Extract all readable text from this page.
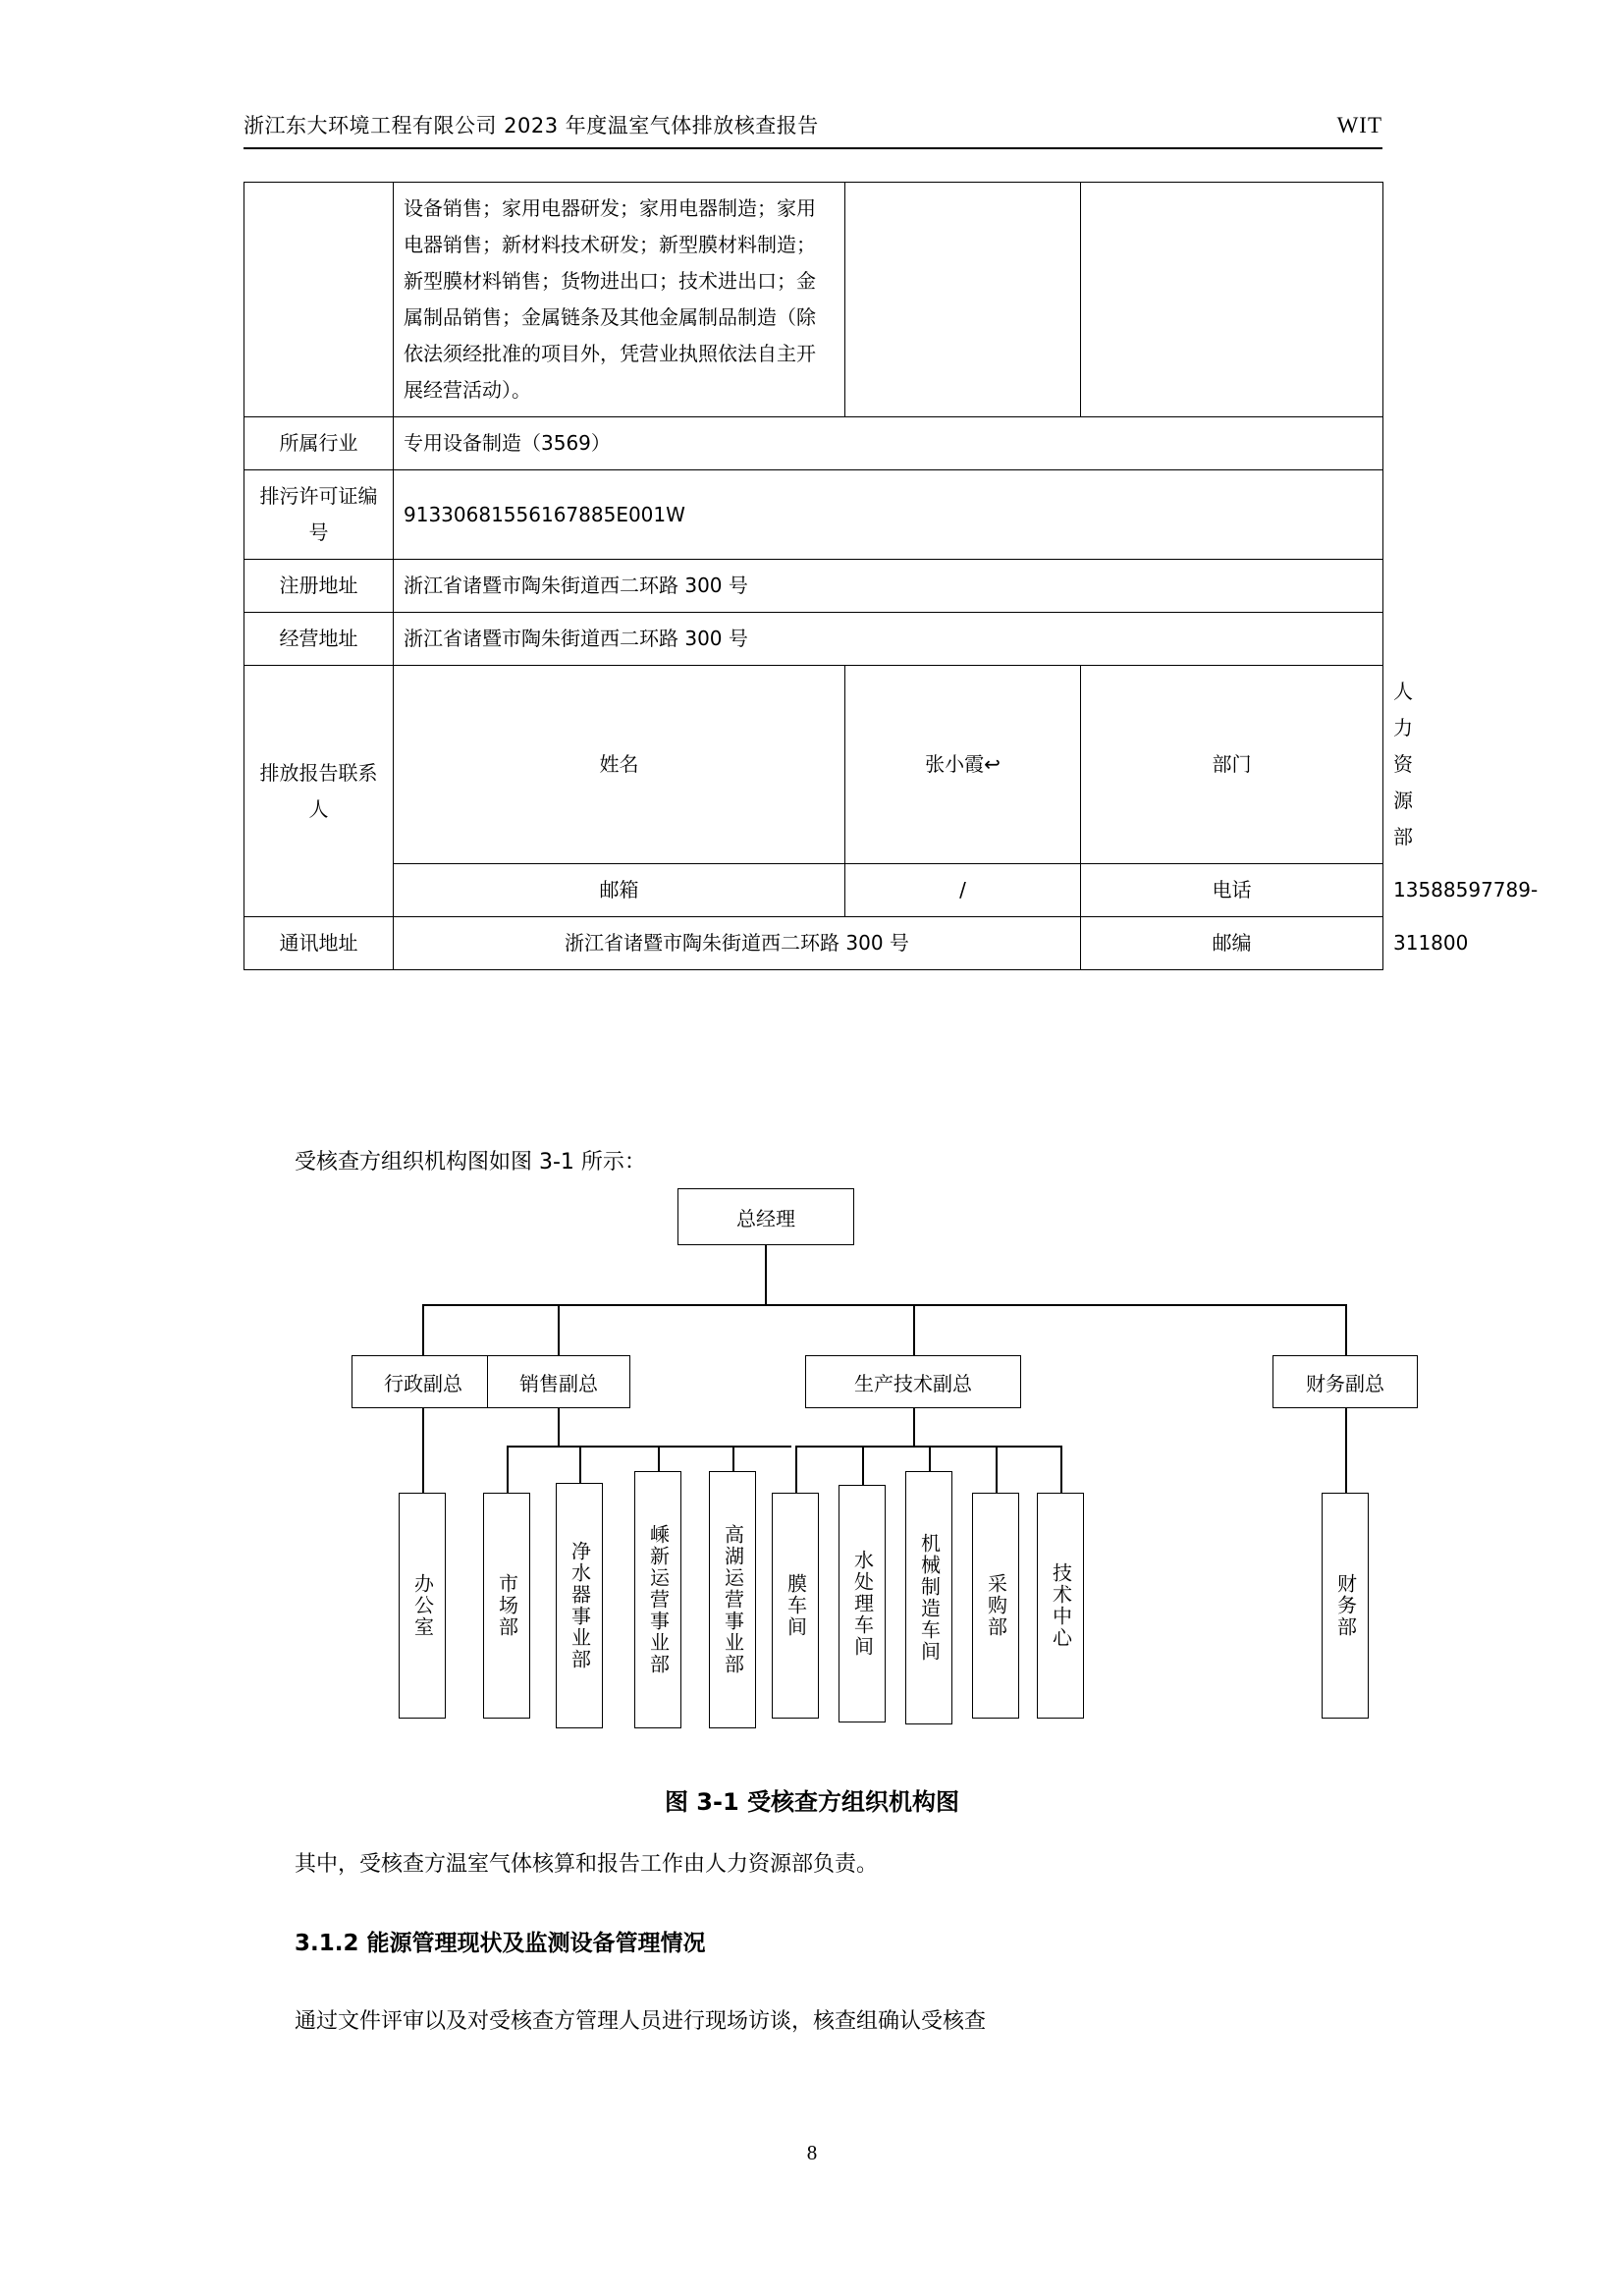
浙江东大环境工程有限公司 2023 年度温室气体排放核查报告	WIT
	设备销售；家用电器研发；家用电器制造；家用电器销售；新材料技术研发；新型膜材料制造；新型膜材料销售；货物进出口；技术进出口；金属制品销售；金属链条及其他金属制品制造（除依法须经批准的项目外，凭营业执照依法自主开展经营活动）。			
所属行业	专用设备制造（3569）			
排污许可证编号	91330681556167885E001W			
注册地址	浙江省诸暨市陶朱街道西二环路 300 号			
经营地址	浙江省诸暨市陶朱街道西二环路 300 号			
排放报告联系人	姓名	张小霞↩	部门	人力资源部
	邮箱	/	电话	13588597789-
通讯地址	浙江省诸暨市陶朱街道西二环路 300 号		邮编	311800
受核查方组织机构图如图 3-1 所示：
总经理
行政副总	销售副总	生产技术副总	财务副总
办公室	市场部	净水器事业部	嵊新运营事业部	高湖运营事业部	膜车间	水处理车间	机械制造车间	采购部	技术中心	财务部
图 3-1 受核查方组织机构图
其中，受核查方温室气体核算和报告工作由人力资源部负责。
3.1.2 能源管理现状及监测设备管理情况
通过文件评审以及对受核查方管理人员进行现场访谈，核查组确认受核查
8
